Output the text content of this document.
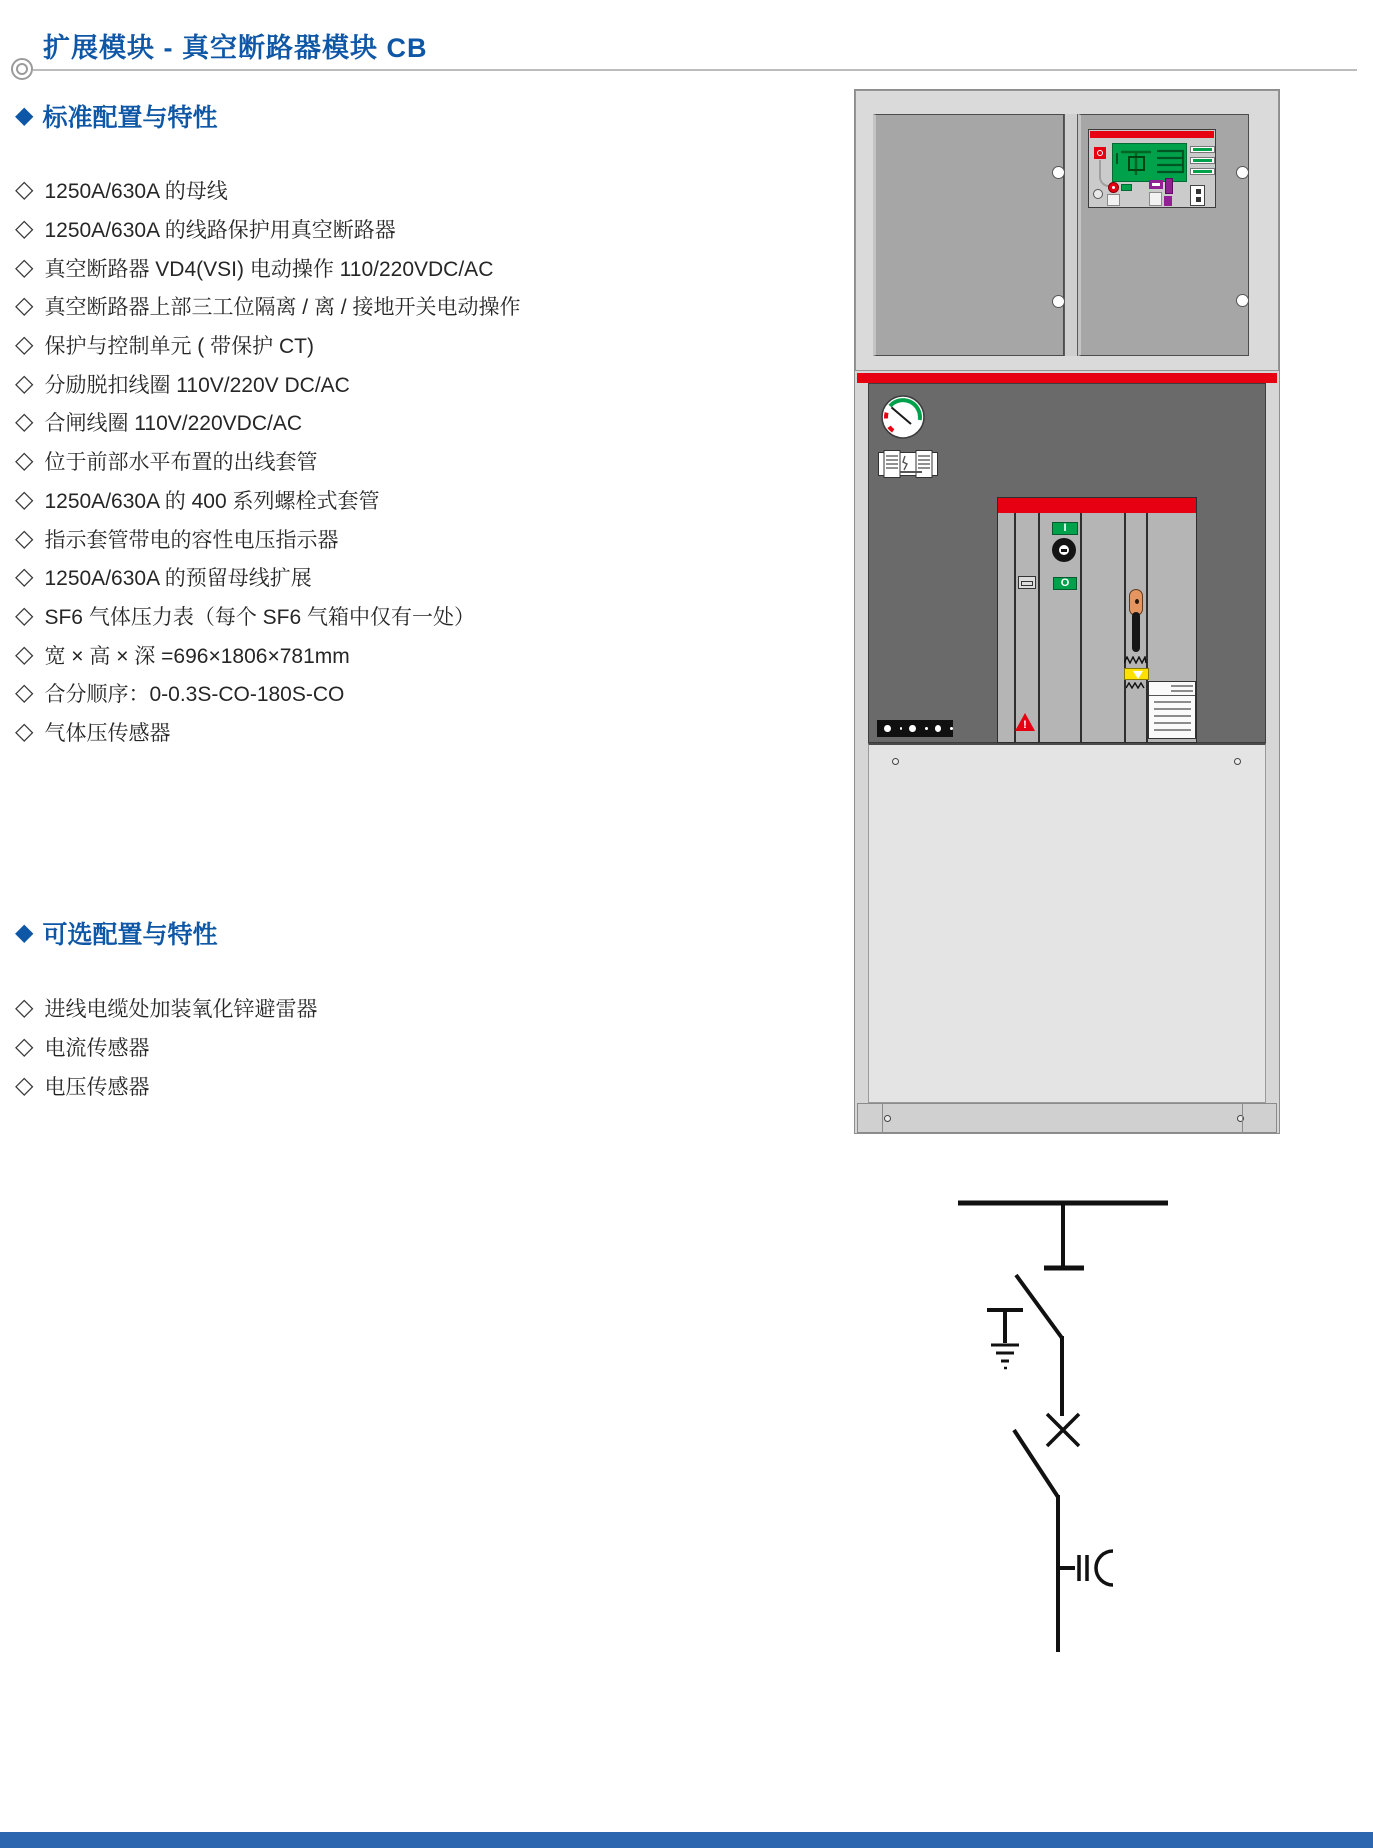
扩展模块 - 真空断路器模块 CB
◆ 标准配置与特性
◇ 1250A/630A 的母线
◇ 1250A/630A 的线路保护用真空断路器
◇ 真空断路器 VD4(VSI) 电动操作 110/220VDC/AC
◇ 真空断路器上部三工位隔离 / 离 / 接地开关电动操作
◇ 保护与控制单元 ( 带保护 CT)
◇ 分励脱扣线圈 110V/220V DC/AC
◇ 合闸线圈 110V/220VDC/AC
◇ 位于前部水平布置的出线套管
◇ 1250A/630A 的 400 系列螺栓式套管
◇ 指示套管带电的容性电压指示器
◇ 1250A/630A 的预留母线扩展
◇ SF6 气体压力表（每个 SF6 气箱中仅有一处）
◇ 宽 × 高 × 深 =696×1806×781mm
◇ 合分顺序：0-0.3S-CO-180S-CO
◇ 气体压传感器
◆ 可选配置与特性
◇ 进线电缆处加装氧化锌避雷器
◇ 电流传感器
◇ 电压传感器
I
O
!
